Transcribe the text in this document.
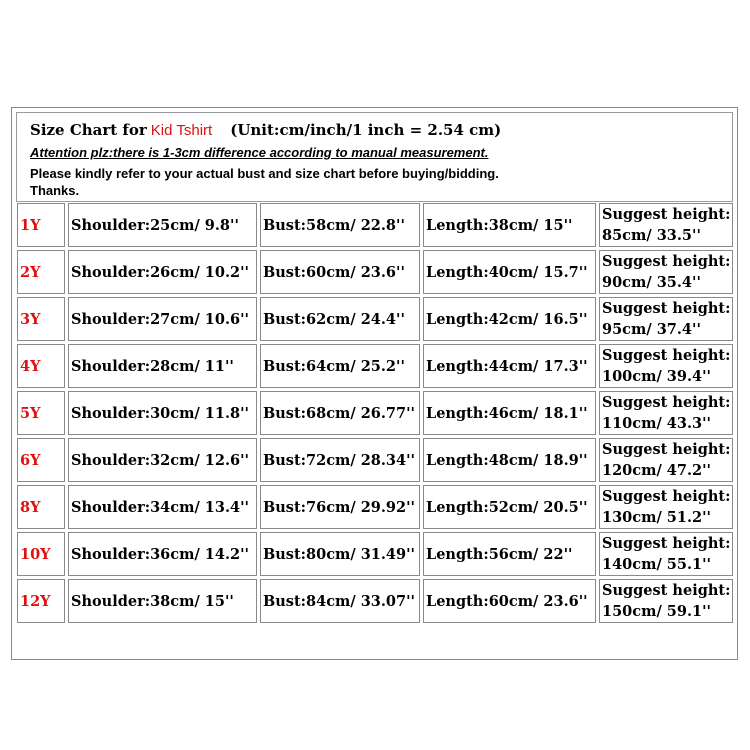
Size Chart for Kid Tshirt (Unit:cm/inch/1 inch = 2.54 cm)
Attention plz:there is 1-3cm difference according to manual measurement.
Please kindly refer to your actual bust and size chart before buying/bidding.
Thanks.
1Y	Shoulder:25cm/ 9.8''	Bust:58cm/ 22.8''	Length:38cm/ 15''	Suggest height:
85cm/ 33.5''

2Y	Shoulder:26cm/ 10.2''	Bust:60cm/ 23.6''	Length:40cm/ 15.7''	Suggest height:
90cm/ 35.4''

3Y	Shoulder:27cm/ 10.6''	Bust:62cm/ 24.4''	Length:42cm/ 16.5''	Suggest height:
95cm/ 37.4''

4Y	Shoulder:28cm/ 11''	Bust:64cm/ 25.2''	Length:44cm/ 17.3''	Suggest height:
100cm/ 39.4''

5Y	Shoulder:30cm/ 11.8''	Bust:68cm/ 26.77''	Length:46cm/ 18.1''	Suggest height:
110cm/ 43.3''

6Y	Shoulder:32cm/ 12.6''	Bust:72cm/ 28.34''	Length:48cm/ 18.9''	Suggest height:
120cm/ 47.2''

8Y	Shoulder:34cm/ 13.4''	Bust:76cm/ 29.92''	Length:52cm/ 20.5''	Suggest height:
130cm/ 51.2''

10Y	Shoulder:36cm/ 14.2''	Bust:80cm/ 31.49''	Length:56cm/ 22''	Suggest height:
140cm/ 55.1''

12Y	Shoulder:38cm/ 15''	Bust:84cm/ 33.07''	Length:60cm/ 23.6''	Suggest height:
150cm/ 59.1''
